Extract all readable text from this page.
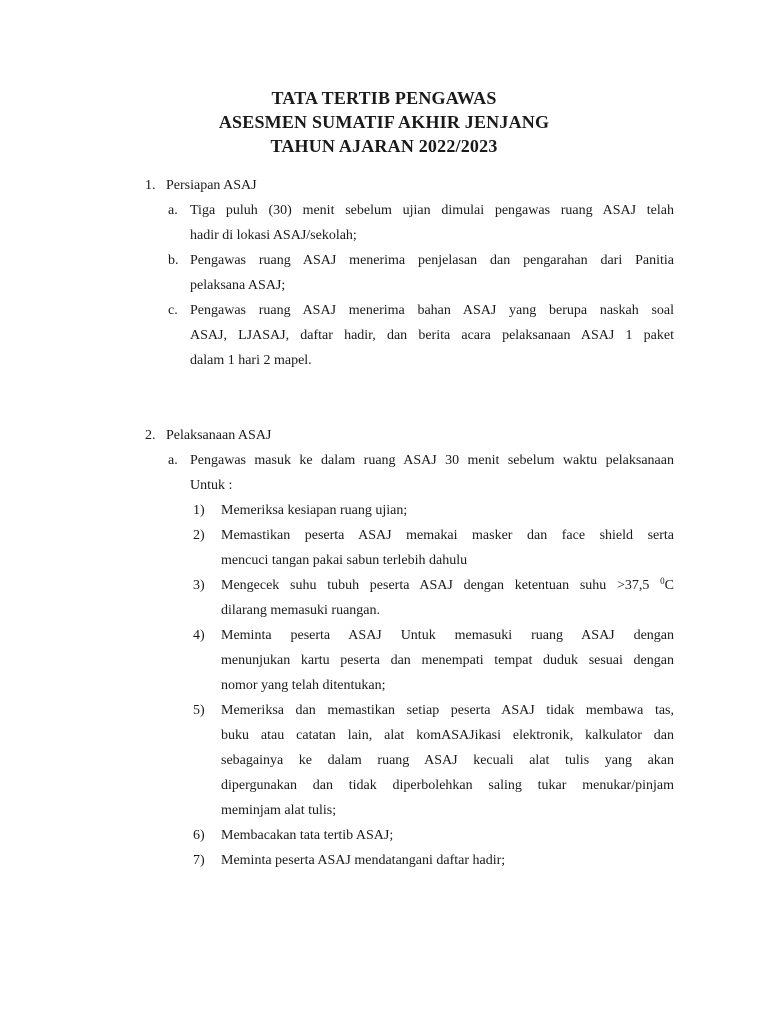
TATA TERTIB PENGAWAS
ASESMEN SUMATIF AKHIR JENJANG
TAHUN AJARAN 2022/2023
1. Persiapan ASAJ
a. Tiga puluh (30) menit sebelum ujian dimulai pengawas ruang ASAJ telah
hadir di lokasi ASAJ/sekolah;
b. Pengawas ruang ASAJ menerima penjelasan dan pengarahan dari Panitia
pelaksana ASAJ;
c. Pengawas ruang ASAJ menerima bahan ASAJ yang berupa naskah soal
ASAJ, LJASAJ, daftar hadir, dan berita acara pelaksanaan ASAJ 1 paket
dalam 1 hari 2 mapel.
2. Pelaksanaan ASAJ
a. Pengawas masuk ke dalam ruang ASAJ 30 menit sebelum waktu pelaksanaan
Untuk :
1) Memeriksa kesiapan ruang ujian;
2) Memastikan peserta ASAJ memakai masker dan face shield serta
mencuci tangan pakai sabun terlebih dahulu
3) Mengecek suhu tubuh peserta ASAJ dengan ketentuan suhu >37,5 $^0$C
dilarang memasuki ruangan.
4) Meminta peserta ASAJ Untuk memasuki ruang ASAJ dengan
menunjukan kartu peserta dan menempati tempat duduk sesuai dengan
nomor yang telah ditentukan;
5) Memeriksa dan memastikan setiap peserta ASAJ tidak membawa tas,
buku atau catatan lain, alat komASAJikasi elektronik, kalkulator dan
sebagainya ke dalam ruang ASAJ kecuali alat tulis yang akan
dipergunakan dan tidak diperbolehkan saling tukar menukar/pinjam
meminjam alat tulis;
6) Membacakan tata tertib ASAJ;
7) Meminta peserta ASAJ mendatangani daftar hadir;
